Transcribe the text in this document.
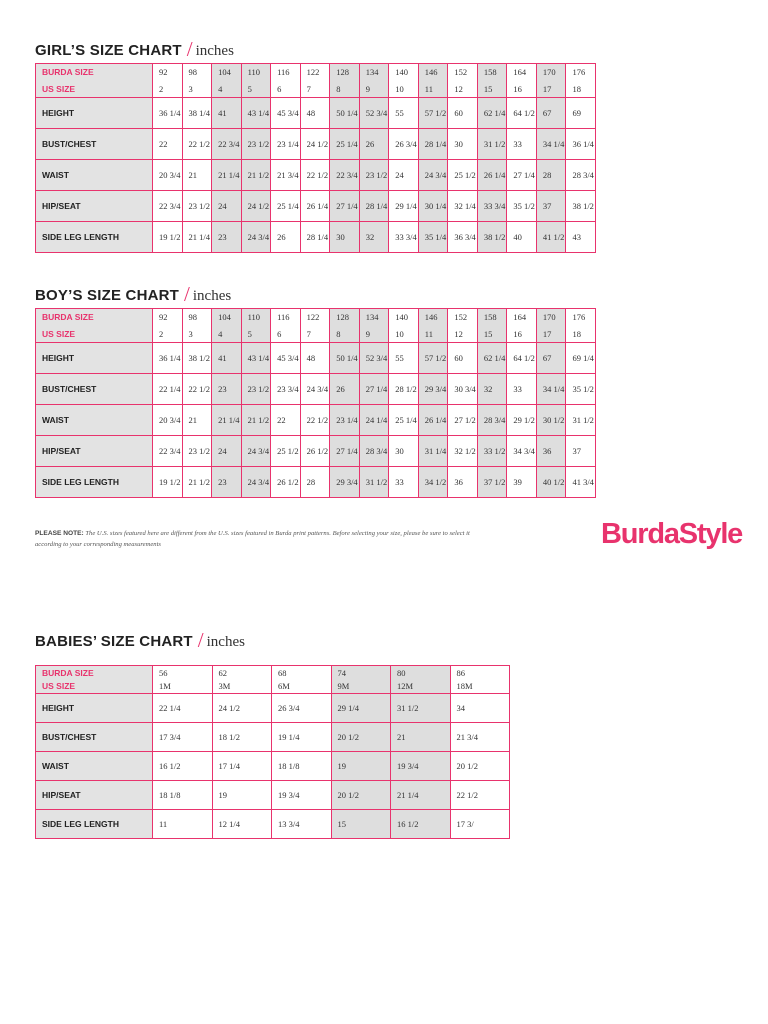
GIRL’S SIZE CHART / inches
BURDA SIZE	92	98	104	110	116	122	128	134	140	146	152	158	164	170	176
US SIZE	2	3	4	5	6	7	8	9	10	11	12	15	16	17	18
HEIGHT	36 1/4	38 1/4	41	43 1/4	45 3/4	48	50 1/4	52 3/4	55	57 1/2	60	62 1/4	64 1/2	67	69
BUST/CHEST	22	22 1/2	22 3/4	23 1/2	23 1/4	24 1/2	25 1/4	26	26 3/4	28 1/4	30	31 1/2	33	34 1/4	36 1/4
WAIST	20 3/4	21	21 1/4	21 1/2	21 3/4	22 1/2	22 3/4	23 1/2	24	24 3/4	25 1/2	26 1/4	27 1/4	28	28 3/4
HIP/SEAT	22 3/4	23 1/2	24	24 1/2	25 1/4	26 1/4	27 1/4	28 1/4	29 1/4	30 1/4	32 1/4	33 3/4	35 1/2	37	38 1/2
SIDE LEG LENGTH	19 1/2	21 1/4	23	24 3/4	26	28 1/4	30	32	33 3/4	35 1/4	36 3/4	38 1/2	40	41 1/2	43
BOY’S SIZE CHART / inches
BURDA SIZE	92	98	104	110	116	122	128	134	140	146	152	158	164	170	176
US SIZE	2	3	4	5	6	7	8	9	10	11	12	15	16	17	18
HEIGHT	36 1/4	38 1/2	41	43 1/4	45 3/4	48	50 1/4	52 3/4	55	57 1/2	60	62 1/4	64 1/2	67	69 1/4
BUST/CHEST	22 1/4	22 1/2	23	23 1/2	23 3/4	24 3/4	26	27 1/4	28 1/2	29 3/4	30 3/4	32	33	34 1/4	35 1/2
WAIST	20 3/4	21	21 1/4	21 1/2	22	22 1/2	23 1/4	24 1/4	25 1/4	26 1/4	27 1/2	28 3/4	29 1/2	30 1/2	31 1/2
HIP/SEAT	22 3/4	23 1/2	24	24 3/4	25 1/2	26 1/2	27 1/4	28 3/4	30	31 1/4	32 1/2	33 1/2	34 3/4	36	37
SIDE LEG LENGTH	19 1/2	21 1/2	23	24 3/4	26 1/2	28	29 3/4	31 1/2	33	34 1/2	36	37 1/2	39	40 1/2	41 3/4
PLEASE NOTE: The U.S. sizes featured here are different from the U.S. sizes featured in Burda print patterns. Before selecting your size, please be sure to select it according to your corresponding measurements	BurdaStyle
BABIES’ SIZE CHART / inches
BURDA SIZE	56	62	68	74	80	86
US SIZE	1M	3M	6M	9M	12M	18M
HEIGHT	22 1/4	24 1/2	26 3/4	29 1/4	31 1/2	34
BUST/CHEST	17 3/4	18 1/2	19 1/4	20 1/2	21	21 3/4
WAIST	16 1/2	17 1/4	18 1/8	19	19 3/4	20 1/2
HIP/SEAT	18 1/8	19	19 3/4	20 1/2	21 1/4	22 1/2
SIDE LEG LENGTH	11	12 1/4	13 3/4	15	16 1/2	17 3/
